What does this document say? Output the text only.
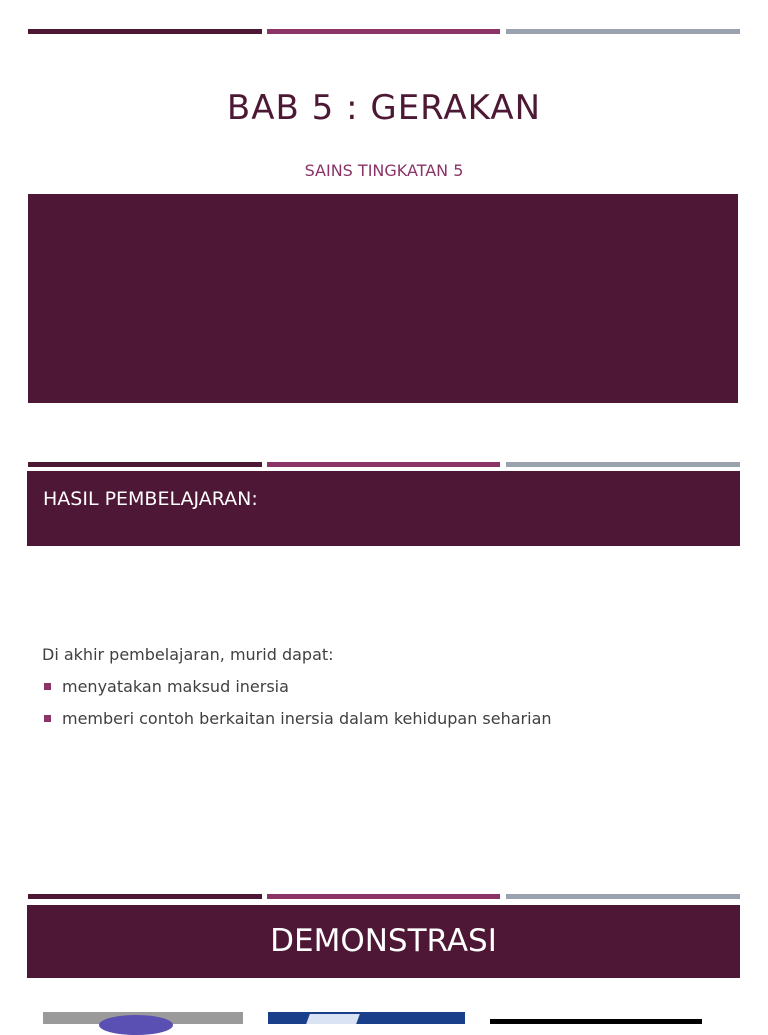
BAB 5 : GERAKAN
SAINS TINGKATAN 5
HASIL PEMBELAJARAN:
Di akhir pembelajaran, murid dapat:
menyatakan maksud inersia
memberi contoh berkaitan inersia dalam kehidupan seharian
DEMONSTRASI
